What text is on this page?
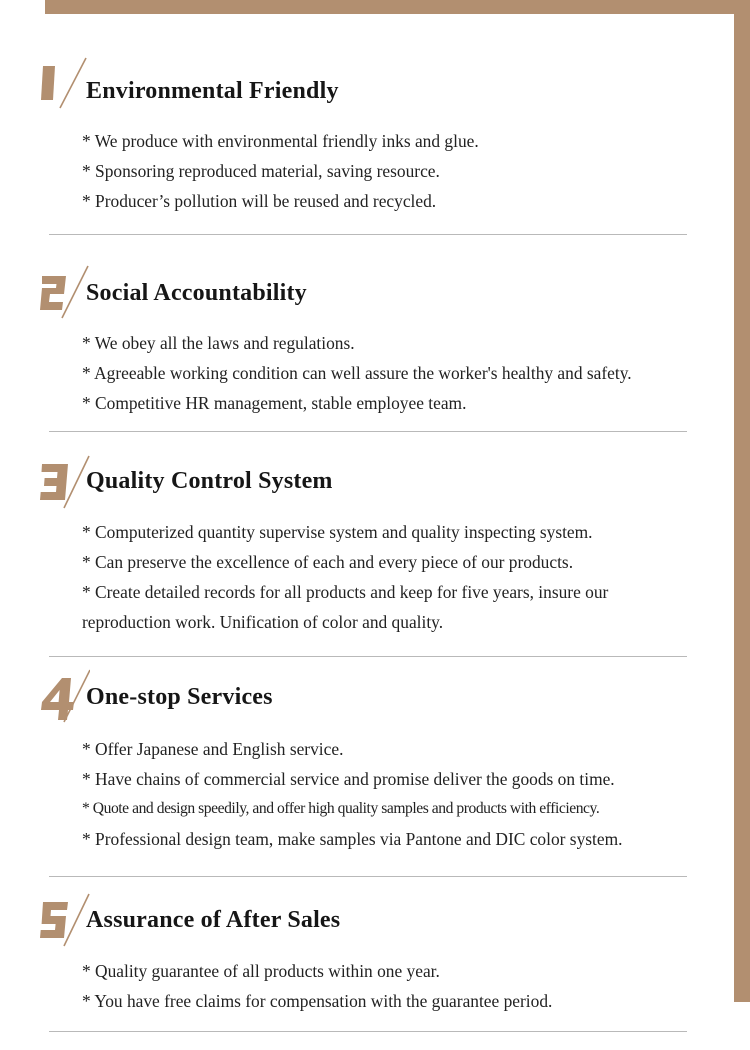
Environmental Friendly
* We produce with environmental friendly inks and glue.
* Sponsoring reproduced material, saving resource.
* Producer’s pollution will be reused and recycled.
Social Accountability
* We obey all the laws and regulations.
* Agreeable working condition can well assure the worker's healthy and safety.
* Competitive HR management, stable employee team.
Quality Control System
* Computerized quantity supervise system and quality inspecting system.
* Can preserve the excellence of each and every piece of our products.
* Create detailed records for all products and keep for five years, insure our reproduction work. Unification of color and quality.
One-stop Services
* Offer Japanese and English service.
* Have chains of commercial service and promise deliver the goods on time.
* Quote and design speedily, and offer high quality samples and products with efficiency.
* Professional design team, make samples via Pantone and DIC color system.
Assurance of After Sales
* Quality guarantee of all products within one year.
* You have free claims for compensation with the guarantee period.
